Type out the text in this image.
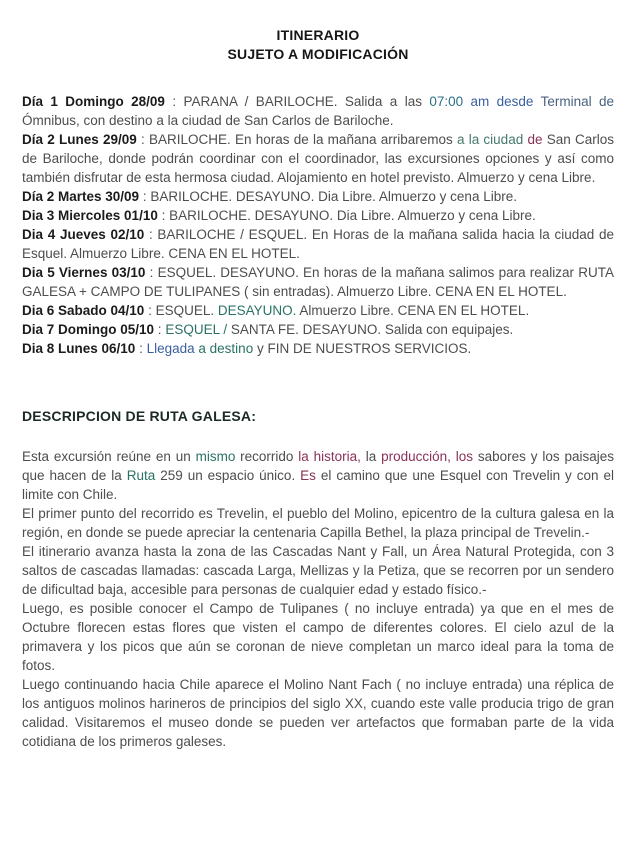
ITINERARIO

SUJETO A MODIFICACIÓN

Día 1 Domingo 28/09 : PARANA / BARILOCHE. Salida a las 07:00 am desde Terminal de Ómnibus, con destino a la ciudad de San Carlos de Bariloche.

Día 2 Lunes 29/09 : BARILOCHE. En horas de la mañana arribaremos a la ciudad de San Carlos de Bariloche, donde podrán coordinar con el coordinador, las excursiones opciones y así como también disfrutar de esta hermosa ciudad. Alojamiento en hotel previsto. Almuerzo y cena Libre.

Día 2 Martes 30/09 : BARILOCHE. DESAYUNO. Dia Libre. Almuerzo y cena Libre.

Dia 3 Miercoles 01/10 : BARILOCHE. DESAYUNO. Dia Libre. Almuerzo y cena Libre.

Dia 4 Jueves 02/10 : BARILOCHE / ESQUEL. En Horas de la mañana salida hacia la ciudad de Esquel. Almuerzo Libre. CENA EN EL HOTEL.

Dia 5 Viernes 03/10 : ESQUEL. DESAYUNO. En horas de la mañana salimos para realizar RUTA GALESA + CAMPO DE TULIPANES ( sin entradas). Almuerzo Libre. CENA EN EL HOTEL.

Dia 6 Sabado 04/10 : ESQUEL. DESAYUNO. Almuerzo Libre. CENA EN EL HOTEL.

Dia 7 Domingo 05/10 : ESQUEL / SANTA FE. DESAYUNO. Salida con equipajes.

Dia 8 Lunes 06/10 : Llegada a destino y FIN DE NUESTROS SERVICIOS.

DESCRIPCION DE RUTA GALESA:

Esta excursión reúne en un mismo recorrido la historia, la producción, los sabores y los paisajes que hacen de la Ruta 259 un espacio único. Es el camino que une Esquel con Trevelin y con el limite con Chile.

El primer punto del recorrido es Trevelin, el pueblo del Molino, epicentro de la cultura galesa en la región, en donde se puede apreciar la centenaria Capilla Bethel, la plaza principal de Trevelin.-

El itinerario avanza hasta la zona de las Cascadas Nant y Fall, un Área Natural Protegida, con 3 saltos de cascadas llamadas: cascada Larga, Mellizas y la Petiza, que se recorren por un sendero de dificultad baja, accesible para personas de cualquier edad y estado físico.-

Luego, es posible conocer el Campo de Tulipanes ( no incluye entrada) ya que en el mes de Octubre florecen estas flores que visten el campo de diferentes colores. El cielo azul de la primavera y los picos que aún se coronan de nieve completan un marco ideal para la toma de fotos.

Luego continuando hacia Chile aparece el Molino Nant Fach ( no incluye entrada) una réplica de los antiguos molinos harineros de principios del siglo XX, cuando este valle producia trigo de gran calidad. Visitaremos el museo donde se pueden ver artefactos que formaban parte de la vida cotidiana de los primeros galeses.
